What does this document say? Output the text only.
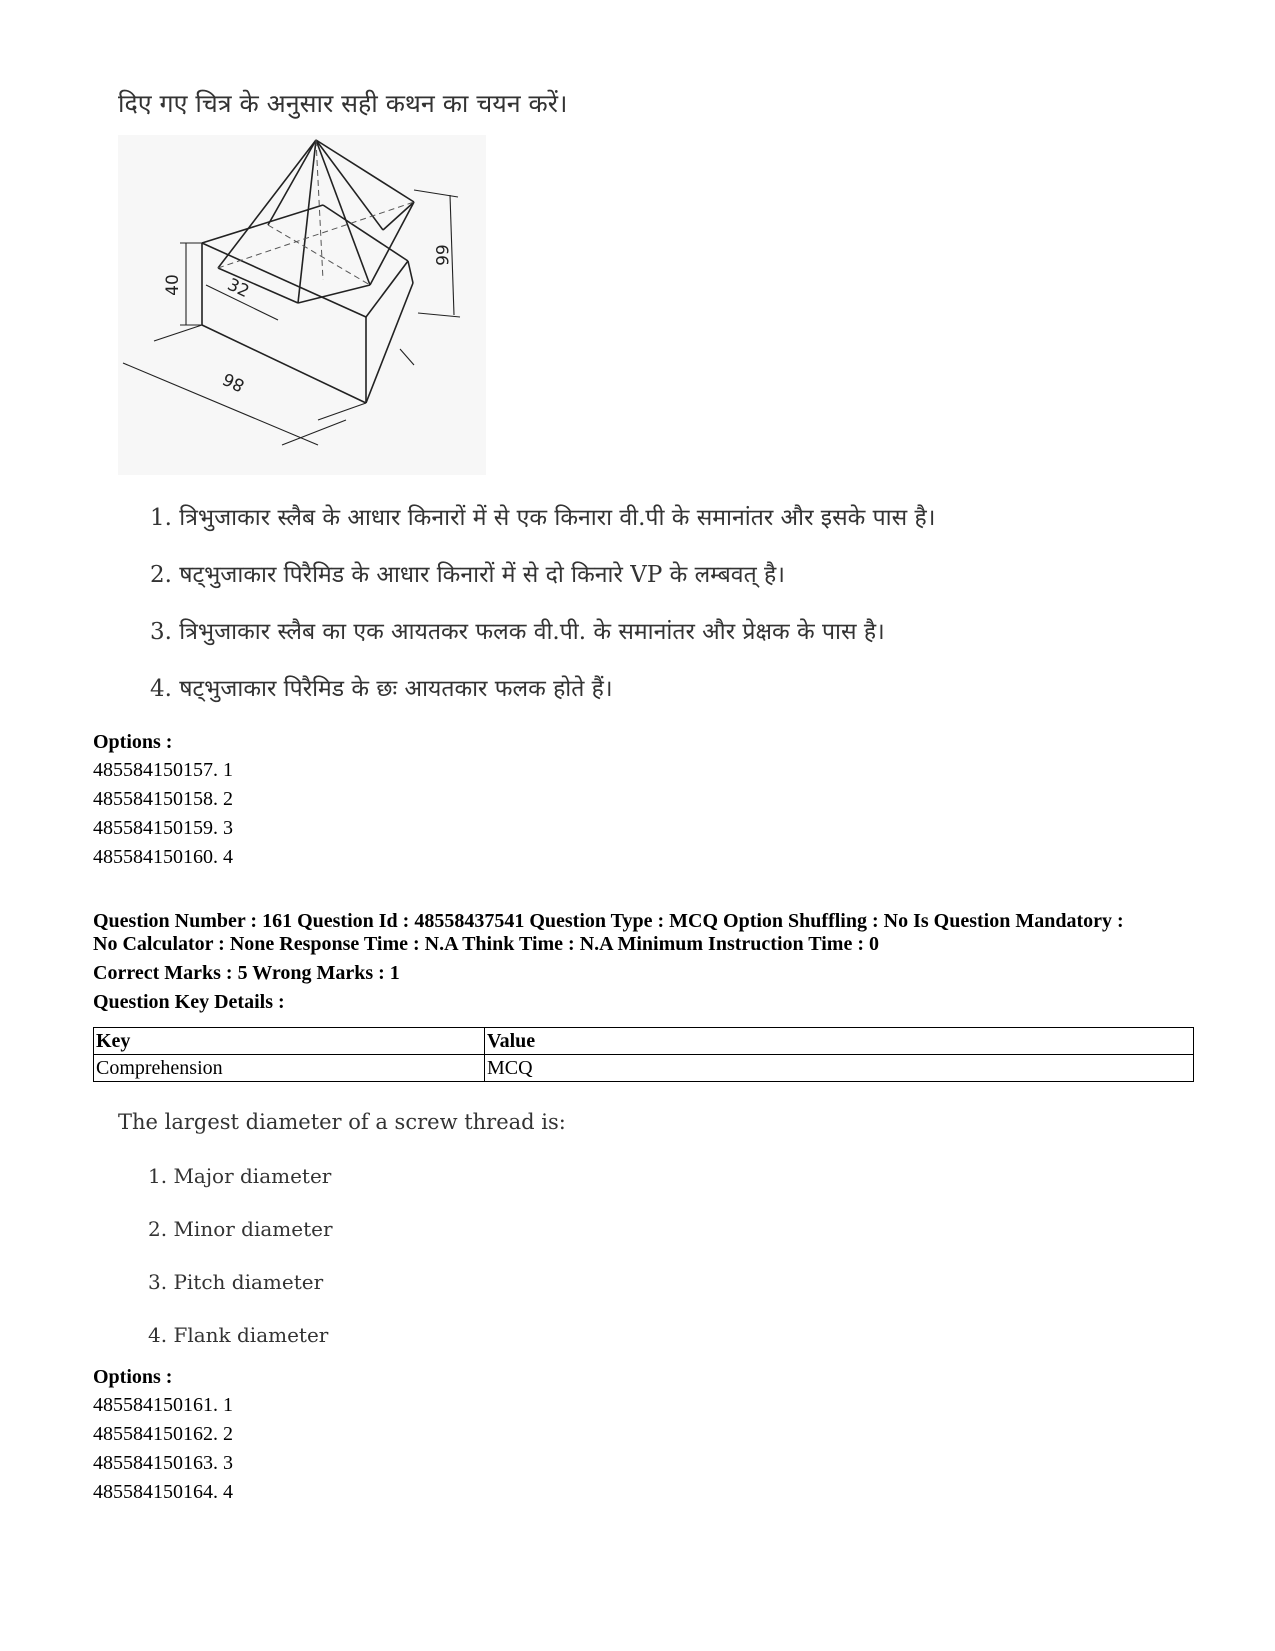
दिए गए चित्र के अनुसार सही कथन का चयन करें।
40 32
66
86
1. त्रिभुजाकार स्लैब के आधार किनारों में से एक किनारा वी.पी के समानांतर और इसके पास है।
2. षट्भुजाकार पिरैमिड के आधार किनारों में से दो किनारे VP के लम्बवत् है।
3. त्रिभुजाकार स्लैब का एक आयतकर फलक वी.पी. के समानांतर और प्रेक्षक के पास है।
4. षट्भुजाकार पिरैमिड के छः आयतकार फलक होते हैं।
Options :
485584150157. 1
485584150158. 2
485584150159. 3
485584150160. 4
Question Number : 161 Question Id : 48558437541 Question Type : MCQ Option Shuffling : No Is Question Mandatory :
No Calculator : None Response Time : N.A Think Time : N.A Minimum Instruction Time : 0
Correct Marks : 5 Wrong Marks : 1
Question Key Details :
Key	Value
Comprehension	MCQ
The largest diameter of a screw thread is:
1. Major diameter
2. Minor diameter
3. Pitch diameter
4. Flank diameter
Options :
485584150161. 1
485584150162. 2
485584150163. 3
485584150164. 4
